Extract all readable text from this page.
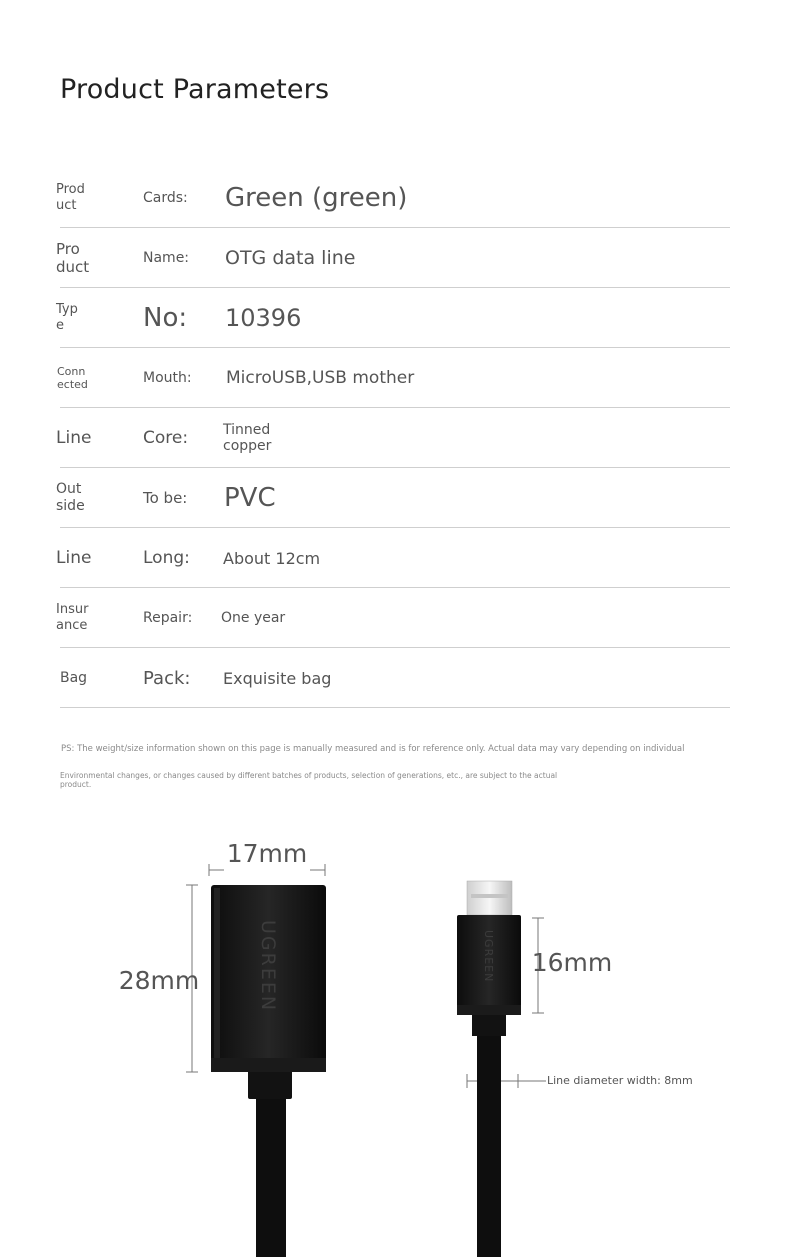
Product Parameters
Prod
uct	Cards: Green (green)
Pro
duct	Name: OTG data line
Typ
e	No: 10396
Conn
ected	Mouth: MicroUSB,USB mother
Line	Core: Tinned
copper
Out
side	To be: PVC
Line	Long: About 12cm
Insur
ance	Repair: One year
Bag	Pack: Exquisite bag
PS: The weight/size information shown on this page is manually measured and is for reference only. Actual data may vary depending on individual
Environmental changes, or changes caused by different batches of products, selection of generations, etc., are subject to the actual
product.
UGREEN
17mm
28mm	UGREEN 16mm
Line diameter width: 8mm
